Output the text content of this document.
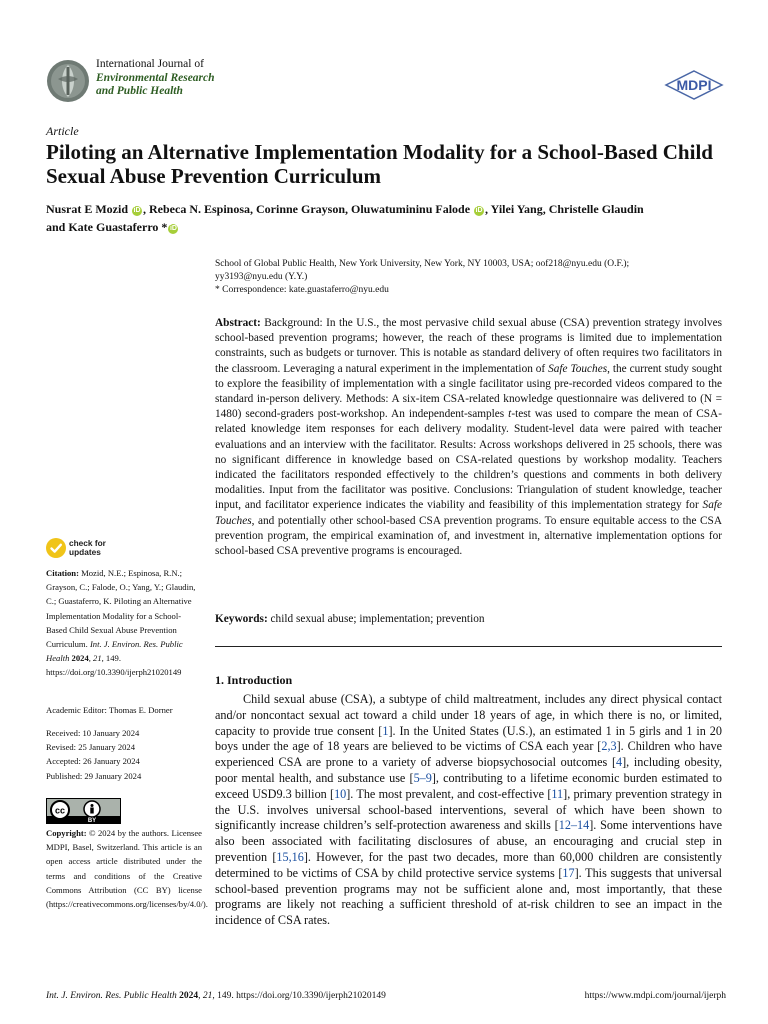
International Journal of
Environmental Research
and Public Health	MDPI
Article
Piloting an Alternative Implementation Modality for a School-Based Child Sexual Abuse Prevention Curriculum
Nusrat E Mozid iD , Rebeca N. Espinosa, Corinne Grayson, Oluwatumininu Falode iD , Yilei Yang, Christelle Glaudin
and Kate Guastaferro * iD
School of Global Public Health, New York University, New York, NY 10003, USA; oof218@nyu.edu (O.F.);
yy3193@nyu.edu (Y.Y.)
* Correspondence: kate.guastaferro@nyu.edu
Abstract: Background: In the U.S., the most pervasive child sexual abuse (CSA) prevention strategy involves school-based prevention programs; however, the reach of these programs is limited due to implementation constraints, such as budgets or turnover. This is notable as standard delivery of often requires two facilitators in the classroom. Leveraging a natural experiment in the implementation of Safe Touches, the current study sought to explore the feasibility of implementation with a single facilitator using pre-recorded videos compared to the standard in-person delivery. Methods: A six-item CSA-related knowledge questionnaire was delivered to (N = 1480) second-graders post-workshop. An independent-samples t-test was used to compare the mean of CSA-related knowledge item responses for each delivery modality. Student-level data were paired with teacher evaluations and an interview with the facilitator. Results: Across workshops delivered in 25 schools, there was no significant difference in knowledge based on CSA-related questions by workshop modality. Teachers indicated the facilitators responded effectively to the children’s questions and comments in both delivery modalities. Input from the facilitator was positive. Conclusions: Triangulation of student knowledge, teacher input, and facilitator experience indicates the viability and feasibility of this implementation strategy for Safe Touches, and potentially other school-based CSA prevention programs. To ensure equitable access to the CSA prevention program, the empirical examination of, and investment in, alternative implementation options for school-based CSA preventive programs is encouraged.
Keywords: child sexual abuse; implementation; prevention
1. Introduction

Child sexual abuse (CSA), a subtype of child maltreatment, includes any direct physical contact and/or noncontact sexual act toward a child under 18 years of age, in which there is no, or limited, capacity to provide true consent [1]. In the United States (U.S.), an estimated 1 in 5 girls and 1 in 20 boys under the age of 18 years are believed to be victims of CSA each year [2,3]. Children who have experienced CSA are prone to a variety of adverse biopsychosocial outcomes [4], including obesity, poor mental health, and substance use [5–9], contributing to a lifetime economic burden estimated to exceed USD9.3 billion [10]. The most prevalent, and cost-effective [11], primary prevention strategy in the U.S. involves universal school-based interventions, several of which have been shown to significantly increase children’s self-protection awareness and skills [12–14]. Some interventions have also been associated with facilitating disclosures of abuse, an encouraging and crucial step in prevention [15,16]. However, for the past two decades, more than 60,000 children are consistently determined to be victims of CSA by child protective service systems [17]. This suggests that universal school-based prevention programs may not be sufficient alone and, most importantly, that these programs are likely not reaching a sufficient threshold of at-risk children to see an impact in the incidence of CSA rates.

check for
updates
Citation: Mozid, N.E.; Espinosa, R.N.; Grayson, C.; Falode, O.; Yang, Y.; Glaudin, C.; Guastaferro, K. Piloting an Alternative Implementation Modality for a School-Based Child Sexual Abuse Prevention Curriculum. Int. J. Environ. Res. Public Health 2024, 21, 149. https://doi.org/10.3390/ijerph21020149
Academic Editor: Thomas E. Dorner
Received: 10 January 2024
Revised: 25 January 2024
Accepted: 26 January 2024
Published: 29 January 2024
cc
BY
Copyright: © 2024 by the authors. Licensee MDPI, Basel, Switzerland. This article is an open access article distributed under the terms and conditions of the Creative Commons Attribution (CC BY) license (https://creativecommons.org/licenses/by/4.0/).
Int. J. Environ. Res. Public Health 2024, 21, 149. https://doi.org/10.3390/ijerph21020149	https://www.mdpi.com/journal/ijerph
